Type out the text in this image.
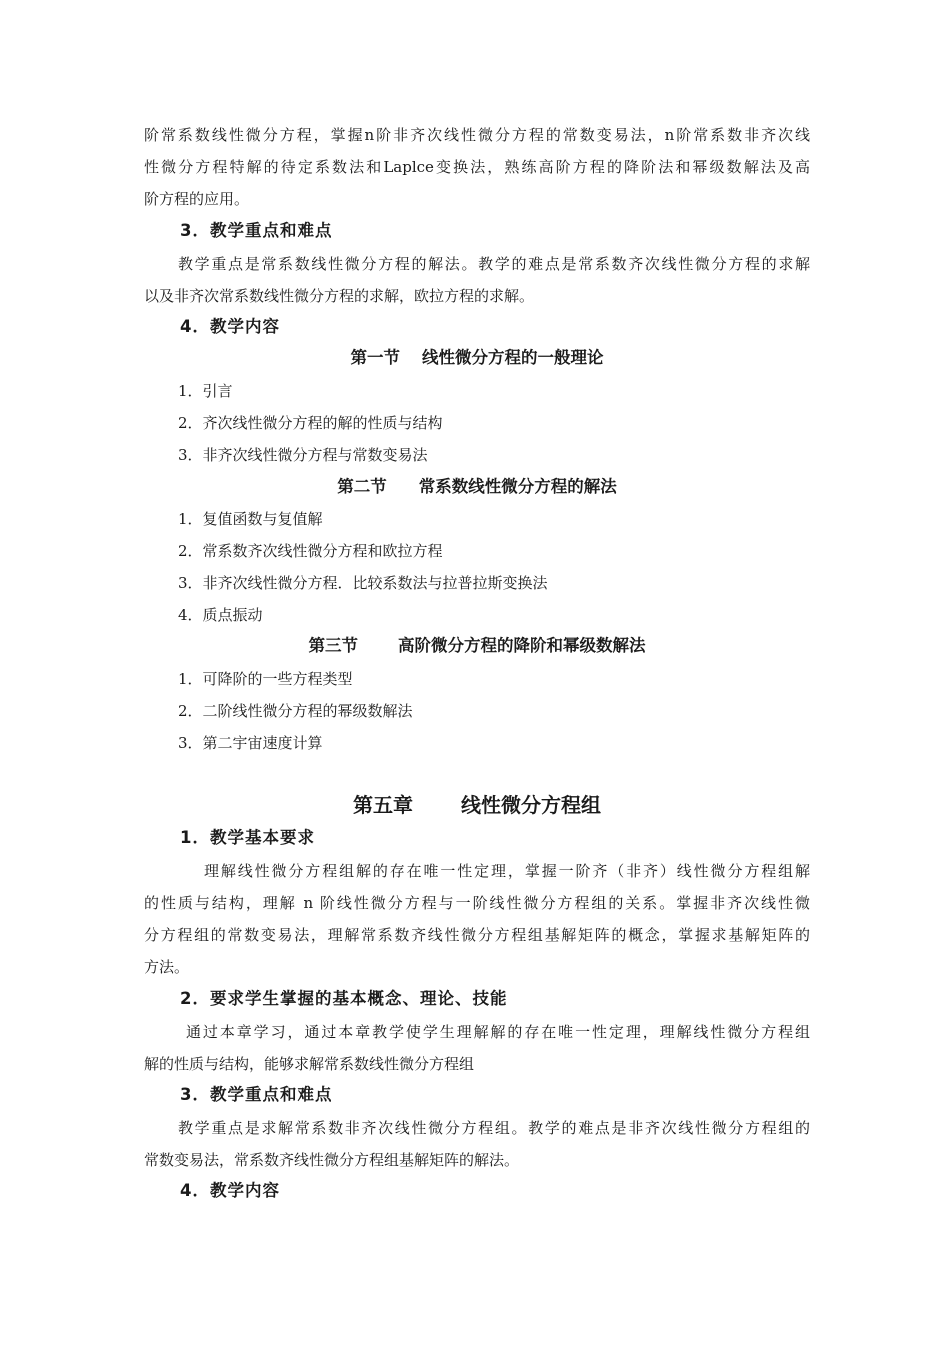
阶常系数线性微分方程，掌握n阶非齐次线性微分方程的常数变易法，n阶常系数非齐次线
性微分方程特解的待定系数法和Laplce变换法，熟练高阶方程的降阶法和幂级数解法及高
阶方程的应用。
3．教学重点和难点
教学重点是常系数线性微分方程的解法。教学的难点是常系数齐次线性微分方程的求解
以及非齐次常系数线性微分方程的求解，欧拉方程的求解。
4．教学内容
第一节 线性微分方程的一般理论
1．引言
2．齐次线性微分方程的解的性质与结构
3．非齐次线性微分方程与常数变易法
第二节 常系数线性微分方程的解法
1．复值函数与复值解
2．常系数齐次线性微分方程和欧拉方程
3．非齐次线性微分方程．比较系数法与拉普拉斯变换法
4．质点振动
第三节 高阶微分方程的降阶和幂级数解法
1．可降阶的一些方程类型
2．二阶线性微分方程的幂级数解法
3．第二宇宙速度计算
第五章 线性微分方程组
1．教学基本要求
理解线性微分方程组解的存在唯一性定理，掌握一阶齐（非齐）线性微分方程组解
的性质与结构，理解 n 阶线性微分方程与一阶线性微分方程组的关系。掌握非齐次线性微
分方程组的常数变易法，理解常系数齐线性微分方程组基解矩阵的概念，掌握求基解矩阵的
方法。
2．要求学生掌握的基本概念、理论、技能
通过本章学习，通过本章教学使学生理解解的存在唯一性定理，理解线性微分方程组
解的性质与结构，能够求解常系数线性微分方程组
3．教学重点和难点
教学重点是求解常系数非齐次线性微分方程组。教学的难点是非齐次线性微分方程组的
常数变易法，常系数齐线性微分方程组基解矩阵的解法。
4．教学内容
